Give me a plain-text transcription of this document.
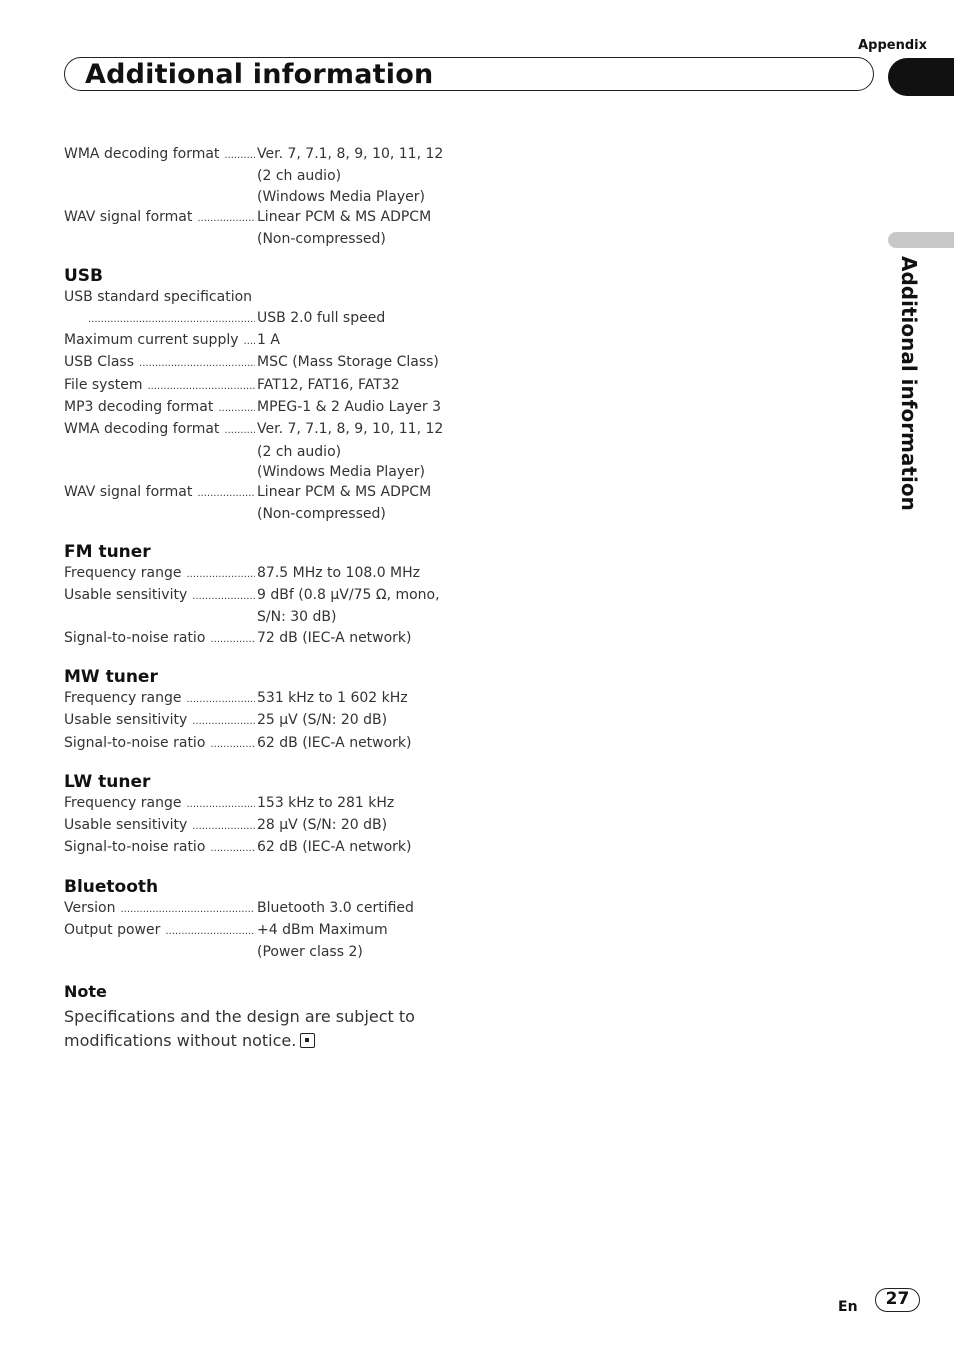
Appendix
Additional information
Additional information
WMA decoding format .....	Ver. 7, 7.1, 8, 9, 10, 11, 12
(2 ch audio)
(Windows Media Player)
WAV signal format .....	Linear PCM & MS ADPCM
(Non-compressed)
USB
USB standard specification
.....
USB 2.0 full speed
Maximum current supply ..... 1 A
USB Class .....	MSC (Mass Storage Class)
File system .....	FAT12, FAT16, FAT32
MP3 decoding format .....	MPEG-1 & 2 Audio Layer 3
WMA decoding format .....	Ver. 7, 7.1, 8, 9, 10, 11, 12
(2 ch audio)
(Windows Media Player)
WAV signal format .....	Linear PCM & MS ADPCM
(Non-compressed)
FM tuner
Frequency range .....	87.5 MHz to 108.0 MHz
Usable sensitivity .....	9 dBf (0.8 µV/75 Ω, mono,
S/N: 30 dB)
Signal-to-noise ratio .....	72 dB (IEC-A network)
MW tuner
Frequency range .....	531 kHz to 1 602 kHz
Usable sensitivity .....	25 µV (S/N: 20 dB)
Signal-to-noise ratio .....	62 dB (IEC-A network)
LW tuner
Frequency range .....	153 kHz to 281 kHz
Usable sensitivity .....	28 µV (S/N: 20 dB)
Signal-to-noise ratio .....	62 dB (IEC-A network)
Bluetooth
Version .....	Bluetooth 3.0 certified
Output power .....	+4 dBm Maximum
(Power class 2)
Note
Specifications and the design are subject to modifications without notice.
En	27
